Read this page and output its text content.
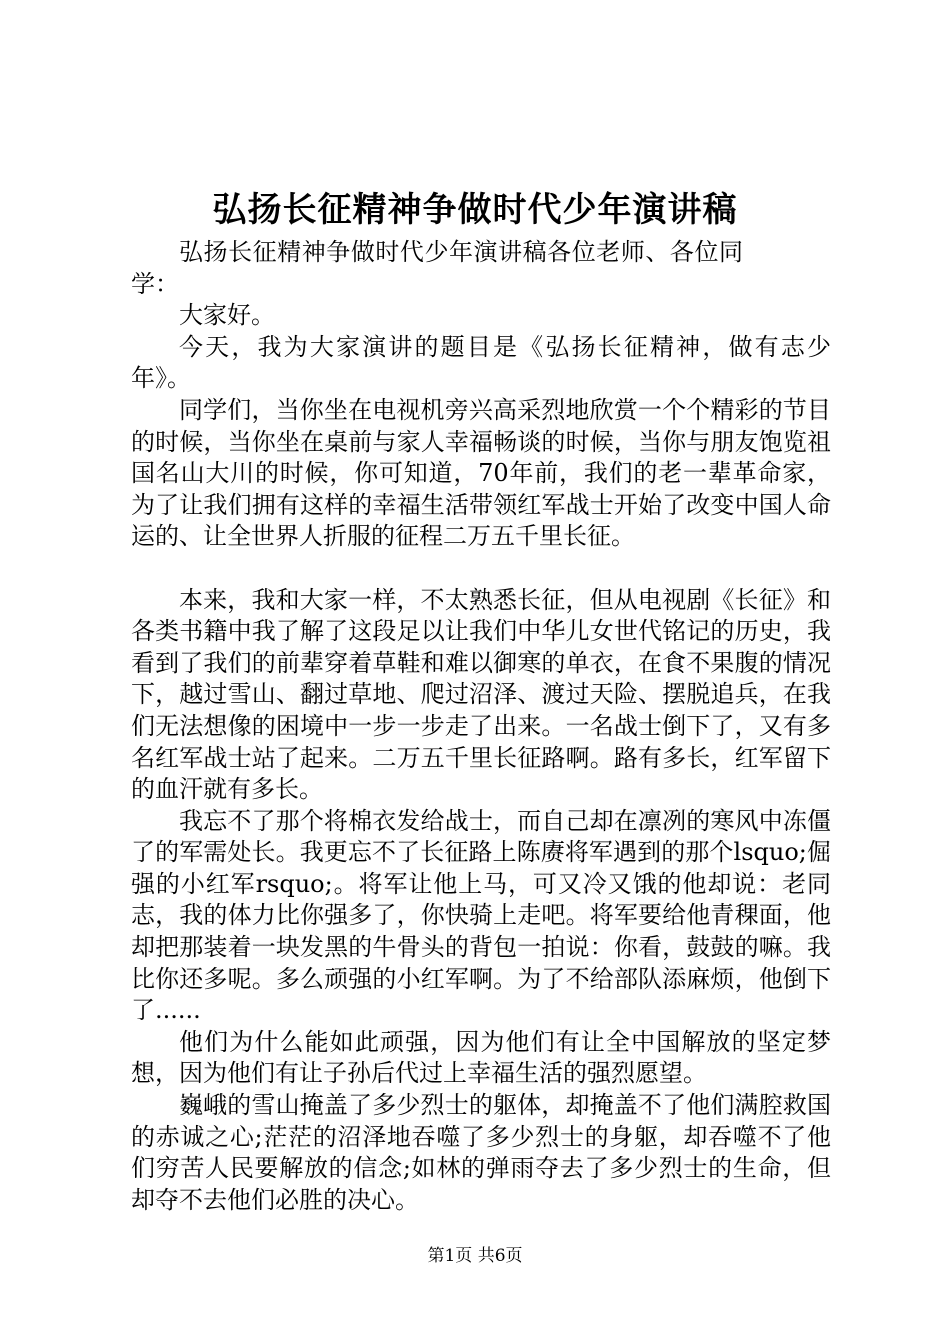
弘扬长征精神争做时代少年演讲稿

弘扬长征精神争做时代少年演讲稿各位老师、各位同学：

大家好。

今天，我为大家演讲的题目是《弘扬长征精神，做有志少年》。

同学们，当你坐在电视机旁兴高采烈地欣赏一个个精彩的节目的时候，当你坐在桌前与家人幸福畅谈的时候，当你与朋友饱览祖国名山大川的时候，你可知道，70年前，我们的老一辈革命家，为了让我们拥有这样的幸福生活带领红军战士开始了改变中国人命运的、让全世界人折服的征程二万五千里长征。

本来，我和大家一样，不太熟悉长征，但从电视剧《长征》和各类书籍中我了解了这段足以让我们中华儿女世代铭记的历史，我看到了我们的前辈穿着草鞋和难以御寒的单衣，在食不果腹的情况下，越过雪山、翻过草地、爬过沼泽、渡过天险、摆脱追兵，在我们无法想像的困境中一步一步走了出来。一名战士倒下了，又有多名红军战士站了起来。二万五千里长征路啊。路有多长，红军留下的血汗就有多长。

我忘不了那个将棉衣发给战士，而自己却在凛冽的寒风中冻僵了的军需处长。我更忘不了长征路上陈赓将军遇到的那个lsquo;倔强的小红军rsquo;。将军让他上马，可又冷又饿的他却说：老同志，我的体力比你强多了，你快骑上走吧。将军要给他青稞面，他却把那装着一块发黑的牛骨头的背包一拍说：你看，鼓鼓的嘛。我比你还多呢。多么顽强的小红军啊。为了不给部队添麻烦，他倒下了......

他们为什么能如此顽强，因为他们有让全中国解放的坚定梦想，因为他们有让子孙后代过上幸福生活的强烈愿望。

巍峨的雪山掩盖了多少烈士的躯体，却掩盖不了他们满腔救国的赤诚之心;茫茫的沼泽地吞噬了多少烈士的身躯，却吞噬不了他们穷苦人民要解放的信念;如林的弹雨夺去了多少烈士的生命，但却夺不去他们必胜的决心。

第1页 共6页
